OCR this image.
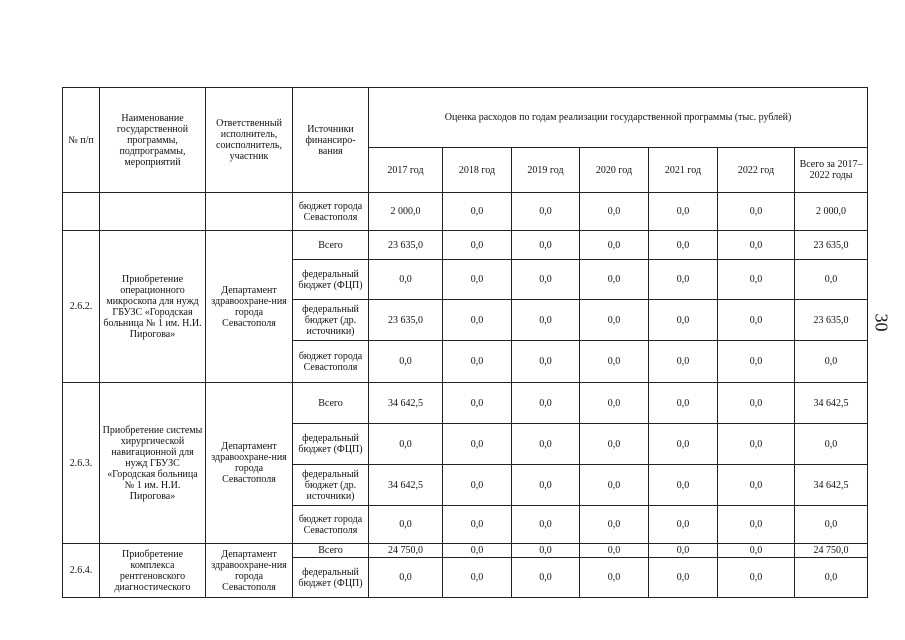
№ п/п	Наименование государственной программы, подпрограммы, мероприятий	Ответственный исполнитель, соисполнитель, участник	Источники финансиро-вания	Оценка расходов по годам реализации государственной программы (тыс. рублей)						
				2017 год	2018 год	2019 год	2020 год	2021 год	2022 год	Всего за 2017–2022 годы
			бюджет города Севастополя	2 000,0	0,0	0,0	0,0	0,0	0,0	2 000,0
2.6.2.	Приобретение операционного микроскопа для нужд ГБУЗС «Городская больница № 1 им. Н.И. Пирогова»	Департамент здравоохране-ния города Севастополя	Всего	23 635,0	0,0	0,0	0,0	0,0	0,0	23 635,0
			федеральный бюджет (ФЦП)	0,0	0,0	0,0	0,0	0,0	0,0	0,0
			федеральный бюджет (др. источники)	23 635,0	0,0	0,0	0,0	0,0	0,0	23 635,0
			бюджет города Севастополя	0,0	0,0	0,0	0,0	0,0	0,0	0,0
2.6.3.	Приобретение системы хирургической навигационной для нужд ГБУЗС «Городская больница № 1 им. Н.И. Пирогова»	Департамент здравоохране-ния города Севастополя	Всего	34 642,5	0,0	0,0	0,0	0,0	0,0	34 642,5
			федеральный бюджет (ФЦП)	0,0	0,0	0,0	0,0	0,0	0,0	0,0
			федеральный бюджет (др. источники)	34 642,5	0,0	0,0	0,0	0,0	0,0	34 642,5
			бюджет города Севастополя	0,0	0,0	0,0	0,0	0,0	0,0	0,0
2.6.4.	Приобретение комплекса рентгеновского диагностического	Департамент здравоохране-ния города Севастополя	Всего	24 750,0	0,0	0,0	0,0	0,0	0,0	24 750,0
			федеральный бюджет (ФЦП)	0,0	0,0	0,0	0,0	0,0	0,0	0,0
30
